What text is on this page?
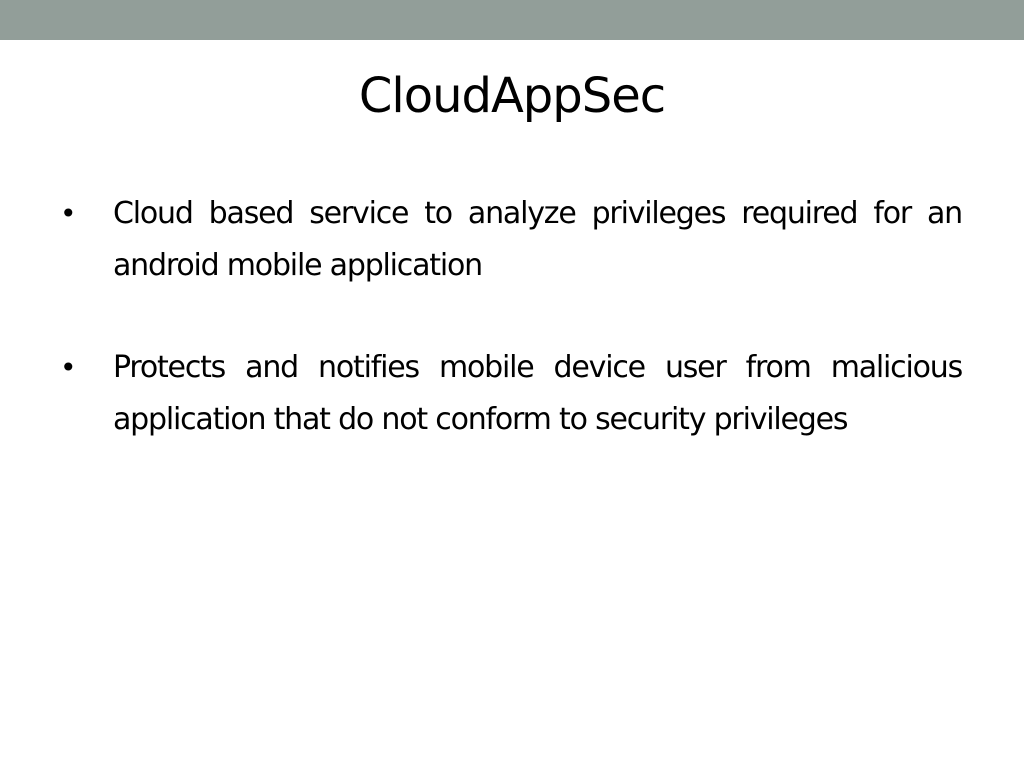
CloudAppSec
• Cloud based service to analyze privileges required for an android mobile application
• Protects and notifies mobile device user from malicious application that do not conform to security privileges
